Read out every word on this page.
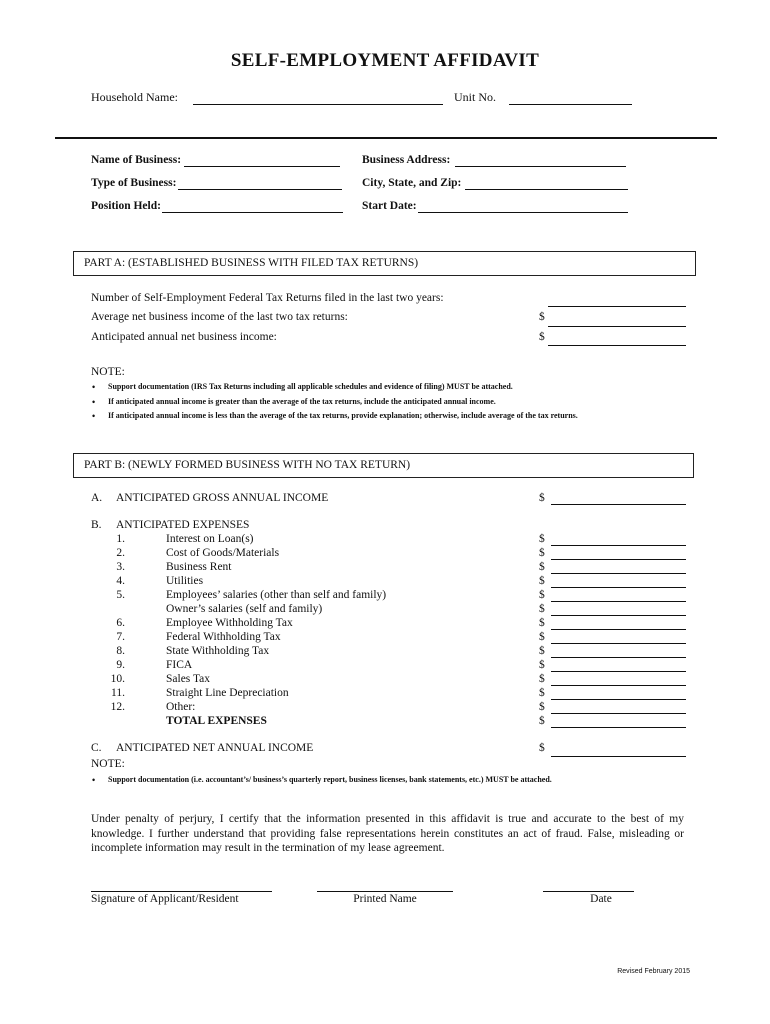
SELF-EMPLOYMENT AFFIDAVIT
Household Name:	Unit No.
Name of Business:
Type of Business:
Position Held:
Business Address:
City, State, and Zip:
Start Date:
PART A: (ESTABLISHED BUSINESS WITH FILED TAX RETURNS)
Number of Self-Employment Federal Tax Returns filed in the last two years:
Average net business income of the last two tax returns:	$
Anticipated annual net business income:	$
NOTE:
• Support documentation (IRS Tax Returns including all applicable schedules and evidence of filing) MUST be attached.
• If anticipated annual income is greater than the average of the tax returns, include the anticipated annual income.
• If anticipated annual income is less than the average of the tax returns, provide explanation; otherwise, include average of the tax returns.
PART B: (NEWLY FORMED BUSINESS WITH NO TAX RETURN)
A. ANTICIPATED GROSS ANNUAL INCOME	$
B. ANTICIPATED EXPENSES
1.	Interest on Loan(s)	$
2.	Cost of Goods/Materials	$
3.	Business Rent	$
4.	Utilities	$
5.	Employees’ salaries (other than self and family)	$
Owner’s salaries (self and family)	$
6.	Employee Withholding Tax	$
7.	Federal Withholding Tax	$
8.	State Withholding Tax	$
9.	FICA	$
10.	Sales Tax	$
11.	Straight Line Depreciation	$
12.	Other:	$
TOTAL EXPENSES	$
C. ANTICIPATED NET ANNUAL INCOME	$
NOTE:
• Support documentation (i.e. accountant’s/ business’s quarterly report, business licenses, bank statements, etc.) MUST be attached.
Under penalty of perjury, I certify that the information presented in this affidavit is true and accurate to the best of my knowledge. I further understand that providing false representations herein constitutes an act of fraud. False, misleading or incomplete information may result in the termination of my lease agreement.
Signature of Applicant/Resident	Printed Name	Date
Revised February 2015
